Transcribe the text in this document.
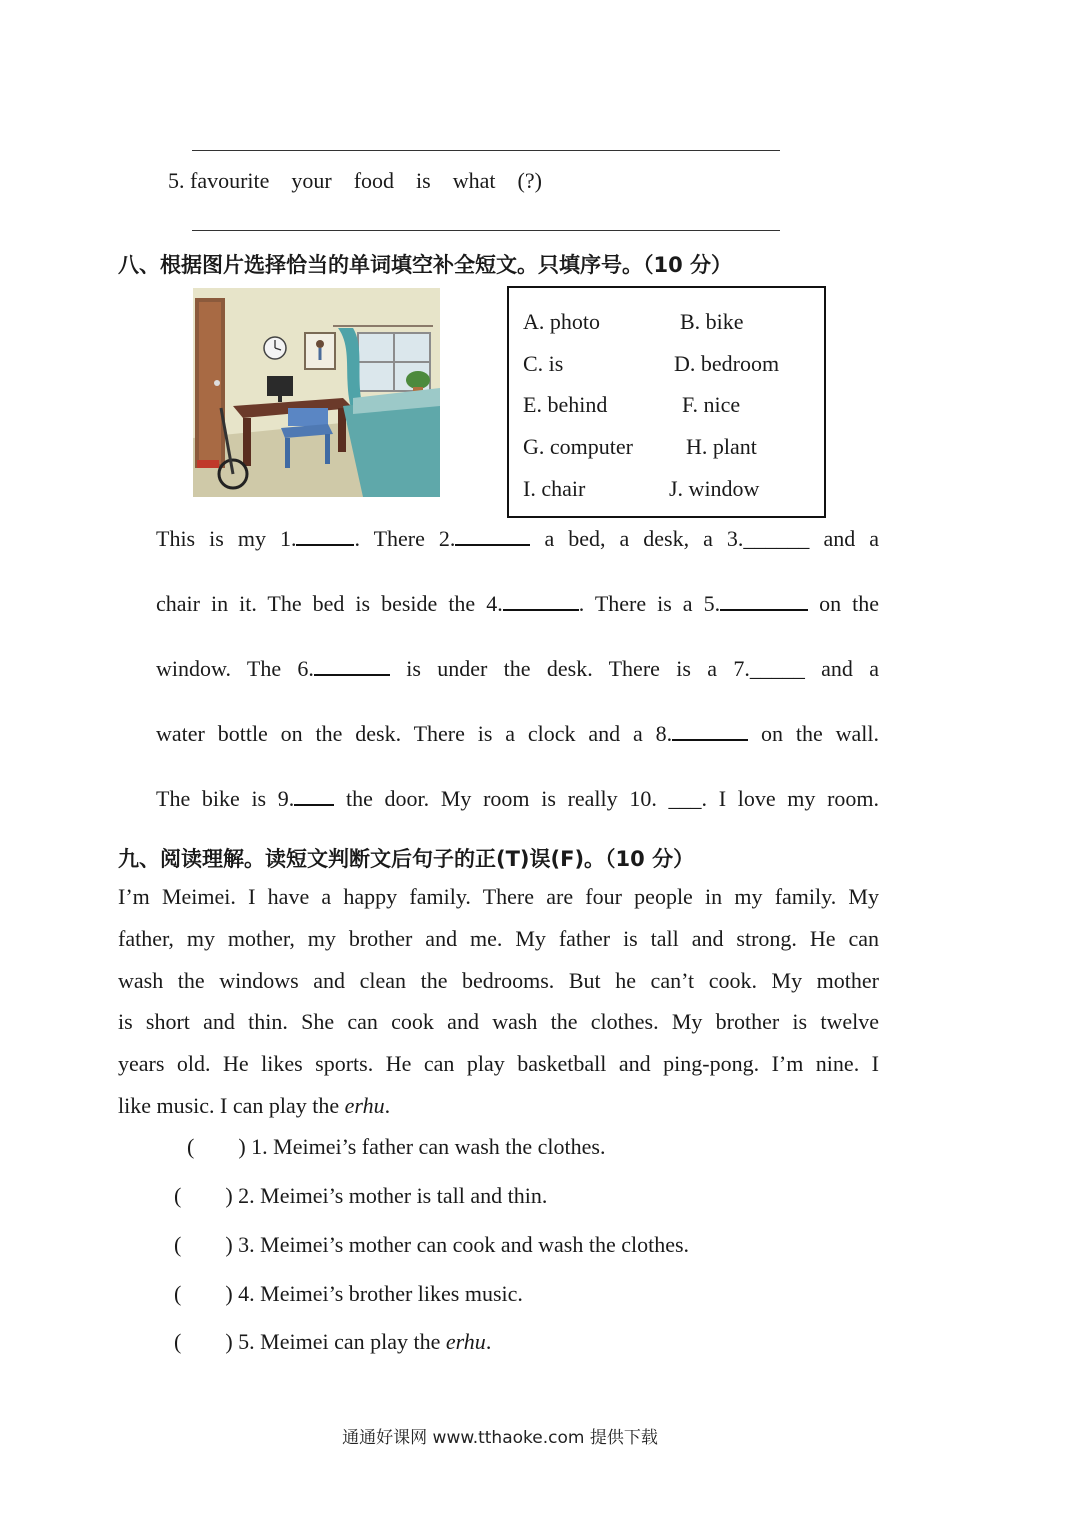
5. favourite    your    food    is    what    (?)
八、根据图片选择恰当的单词填空补全短文。只填序号。（10 分）
A. photo	B. bike
C. is	D. bedroom
E. behind	F. nice
G. computer H. plant
I. chair	J. window
This is my 1.	. There 2.	a bed, a desk, a 3.______ and a
chair in it. The bed is beside the 4.	. There is a 5.	on the
window. The 6.	is under the desk. There is a 7._____ and a
water bottle on the desk. There is a clock and a 8.	on the wall.
The bike is 9. the door. My room is really 10. ___. I love my room.
九、阅读理解。读短文判断文后句子的正(T)误(F)。（10 分）
I’m Meimei. I have a happy family. There are four people in my family. My
father, my mother, my brother and me. My father is tall and strong. He can
wash the windows and clean the bedrooms. But he can’t cook. My mother
is short and thin. She can cook and wash the clothes. My brother is twelve
years old. He likes sports. He can play basketball and ping-pong. I’m nine. I
like music. I can play the erhu.
(        ) 1. Meimei’s father can wash the clothes.
(        ) 2. Meimei’s mother is tall and thin.
(        ) 3. Meimei’s mother can cook and wash the clothes.
(        ) 4. Meimei’s brother likes music.
(        ) 5. Meimei can play the erhu.
通通好课网 www.tthaoke.com 提供下载
